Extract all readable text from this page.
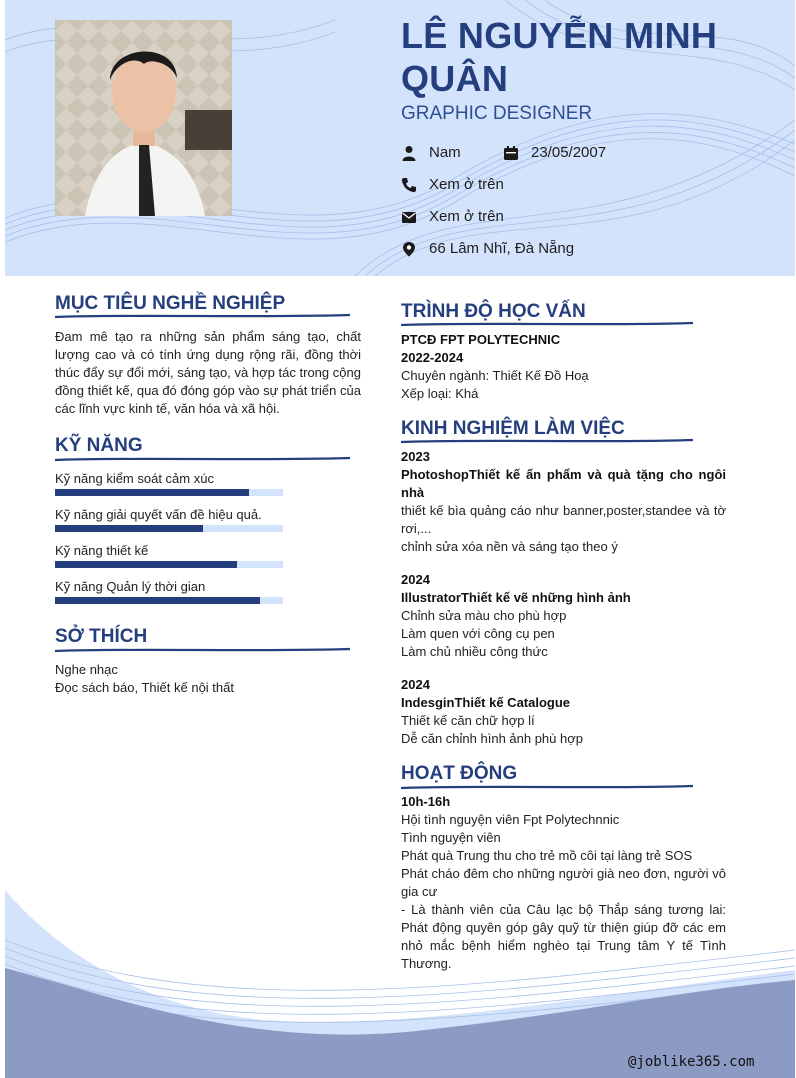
LÊ NGUYỄN MINH QUÂN
GRAPHIC DESIGNER
Nam	23/05/2007
Xem ở trên
Xem ở trên
66 Lâm Nhĩ, Đà Nẵng
MỤC TIÊU NGHỀ NGHIỆP
Đam mê tạo ra những sản phẩm sáng tạo, chất lượng cao và có tính ứng dụng rộng rãi, đồng thời thúc đẩy sự đổi mới, sáng tạo, và hợp tác trong cộng đồng thiết kế, qua đó đóng góp vào sự phát triển của các lĩnh vực kinh tế, văn hóa và xã hội.
KỸ NĂNG
Kỹ năng kiểm soát cảm xúc
Kỹ năng giải quyết vấn đề hiệu quả.
Kỹ năng thiết kế
Kỹ năng Quản lý thời gian
SỞ THÍCH
Nghe nhạc
Đọc sách báo, Thiết kế nội thất
TRÌNH ĐỘ HỌC VẤN
PTCĐ FPT POLYTECHNIC
2022-2024
Chuyên ngành: Thiết Kế Đồ Hoạ
Xếp loại: Khá
KINH NGHIỆM LÀM VIỆC
2023
PhotoshopThiết kế ấn phẩm và quà tặng cho ngôi nhà
thiết kế bìa quảng cáo như banner,poster,standee và tờ rơi,...
chỉnh sửa xóa nền và sáng tạo theo ý
2024
IllustratorThiết kế vẽ những hình ảnh
Chỉnh sửa màu cho phù hợp
Làm quen với công cụ pen
Làm chủ nhiều công thức
2024
IndesginThiết kế Catalogue
Thiết kế căn chữ hợp lí
Dễ căn chỉnh hình ảnh phù hợp
HOẠT ĐỘNG
10h-16h
Hội tình nguyện viên Fpt Polytechnnic
Tình nguyện viên
Phát quà Trung thu cho trẻ mồ côi tại làng trẻ SOS
Phát cháo đêm cho những người già neo đơn, người vô gia cư
- Là thành viên của Câu lạc bộ Thắp sáng tương lai: Phát động quyên góp gây quỹ từ thiện giúp đỡ các em nhỏ mắc bệnh hiểm nghèo tại Trung tâm Y tế Tình Thương.
@joblike365.com
